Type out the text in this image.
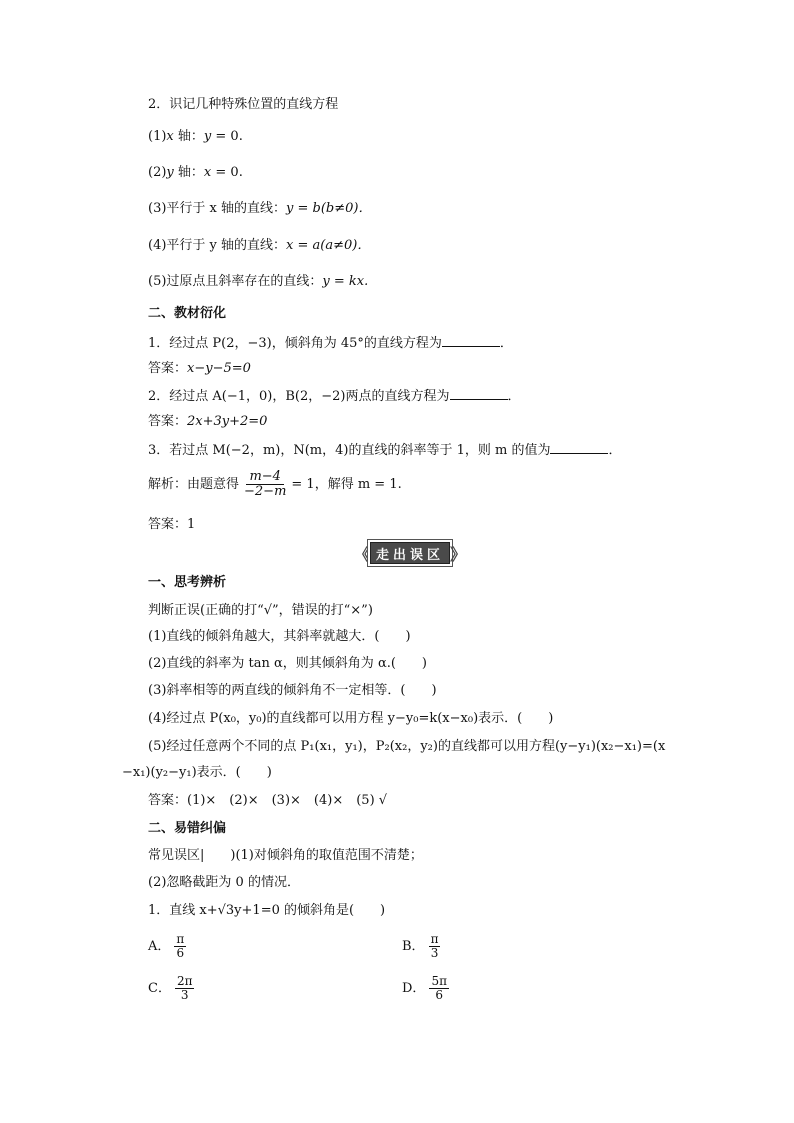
2．识记几种特殊位置的直线方程
(1)x 轴：y = 0.
(2)y 轴：x = 0.
(3)平行于 x 轴的直线：y = b(b≠0)．
(4)平行于 y 轴的直线：x = a(a≠0)．
(5)过原点且斜率存在的直线：y = kx.
二、教材衍化
1．经过点 P(2，−3)，倾斜角为 45°的直线方程为	．
答案：x−y−5=0
2．经过点 A(−1，0)，B(2，−2)两点的直线方程为	．
答案：2x+3y+2=0
3．若过点 M(−2，m)，N(m，4)的直线的斜率等于 1，则 m 的值为	．
解析：由题意得 $\frac{m-4}{-2-m} = 1$，解得 m = 1.
答案：1
《 走出误区 》
一、思考辨析
判断正误(正确的打“√”，错误的打“×”)
(1)直线的倾斜角越大，其斜率就越大．(　　)
(2)直线的斜率为 tan α，则其倾斜角为 α.(　　)
(3)斜率相等的两直线的倾斜角不一定相等．(　　)
(4)经过点 P(x₀，y₀)的直线都可以用方程 y−y₀=k(x−x₀)表示．(　　)
(5)经过任意两个不同的点 P₁(x₁，y₁)，P₂(x₂，y₂)的直线都可以用方程(y−y₁)(x₂−x₁)=(x
−x₁)(y₂−y₁)表示．(　　)
答案：(1)×　(2)×　(3)×　(4)×　(5) √
二、易错纠偏
常见误区|　　)(1)对倾斜角的取值范围不清楚；
(2)忽略截距为 0 的情况．
1．直线 x+√3y+1=0 的倾斜角是(　　)
A． $\frac{\pi}{6}$	B． $\frac{\pi}{3}$
C． $\frac{2\pi}{3}$	D． $\frac{5\pi}{6}$
